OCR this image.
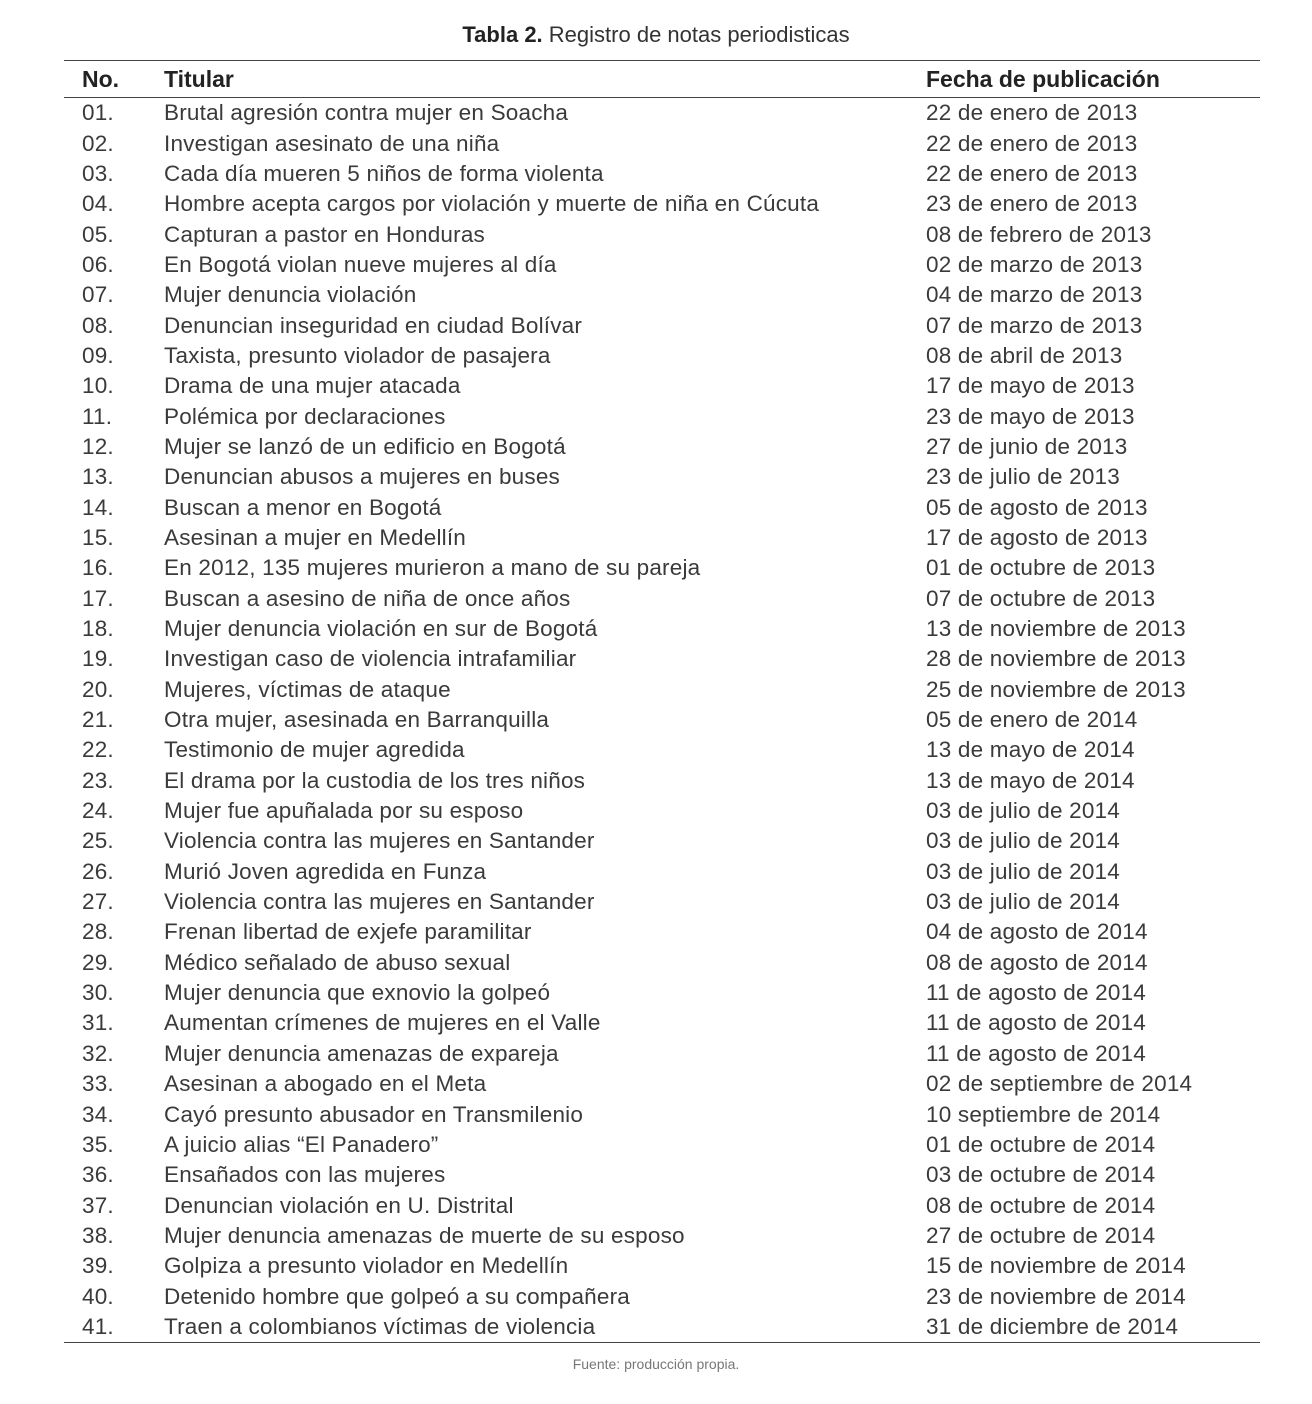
Tabla 2. Registro de notas periodisticas
No.	Titular	Fecha de publicación
01.	Brutal agresión contra mujer en Soacha	22 de enero de 2013
02.	Investigan asesinato de una niña	22 de enero de 2013
03.	Cada día mueren 5 niños de forma violenta	22 de enero de 2013
04.	Hombre acepta cargos por violación y muerte de niña en Cúcuta	23 de enero de 2013
05.	Capturan a pastor en Honduras	08 de febrero de 2013
06.	En Bogotá violan nueve mujeres al día	02 de marzo de 2013
07.	Mujer denuncia violación	04 de marzo de 2013
08.	Denuncian inseguridad en ciudad Bolívar	07 de marzo de 2013
09.	Taxista, presunto violador de pasajera	08 de abril de 2013
10.	Drama de una mujer atacada	17 de mayo de 2013
11.	Polémica por declaraciones	23 de mayo de 2013
12.	Mujer se lanzó de un edificio en Bogotá	27 de junio de 2013
13.	Denuncian abusos a mujeres en buses	23 de julio de 2013
14.	Buscan a menor en Bogotá	05 de agosto de 2013
15.	Asesinan a mujer en Medellín	17 de agosto de 2013
16.	En 2012, 135 mujeres murieron a mano de su pareja	01 de octubre de 2013
17.	Buscan a asesino de niña de once años	07 de octubre de 2013
18.	Mujer denuncia violación en sur de Bogotá	13 de noviembre de 2013
19.	Investigan caso de violencia intrafamiliar	28 de noviembre de 2013
20.	Mujeres, víctimas de ataque	25 de noviembre de 2013
21.	Otra mujer, asesinada en Barranquilla	05 de enero de 2014
22.	Testimonio de mujer agredida	13 de mayo de 2014
23.	El drama por la custodia de los tres niños	13 de mayo de 2014
24.	Mujer fue apuñalada por su esposo	03 de julio de 2014
25.	Violencia contra las mujeres en Santander	03 de julio de 2014
26.	Murió Joven agredida en Funza	03 de julio de 2014
27.	Violencia contra las mujeres en Santander	03 de julio de 2014
28.	Frenan libertad de exjefe paramilitar	04 de agosto de 2014
29.	Médico señalado de abuso sexual	08 de agosto de 2014
30.	Mujer denuncia que exnovio la golpeó	11 de agosto de 2014
31.	Aumentan crímenes de mujeres en el Valle	11 de agosto de 2014
32.	Mujer denuncia amenazas de expareja	11 de agosto de 2014
33.	Asesinan a abogado en el Meta	02 de septiembre de 2014
34.	Cayó presunto abusador en Transmilenio	10 septiembre de 2014
35.	A juicio alias “El Panadero”	01 de octubre de 2014
36.	Ensañados con las mujeres	03 de octubre de 2014
37.	Denuncian violación en U. Distrital	08 de octubre de 2014
38.	Mujer denuncia amenazas de muerte de su esposo	27 de octubre de 2014
39.	Golpiza a presunto violador en Medellín	15 de noviembre de 2014
40.	Detenido hombre que golpeó a su compañera	23 de noviembre de 2014
41.	Traen a colombianos víctimas de violencia	31 de diciembre de 2014
Fuente: producción propia.
